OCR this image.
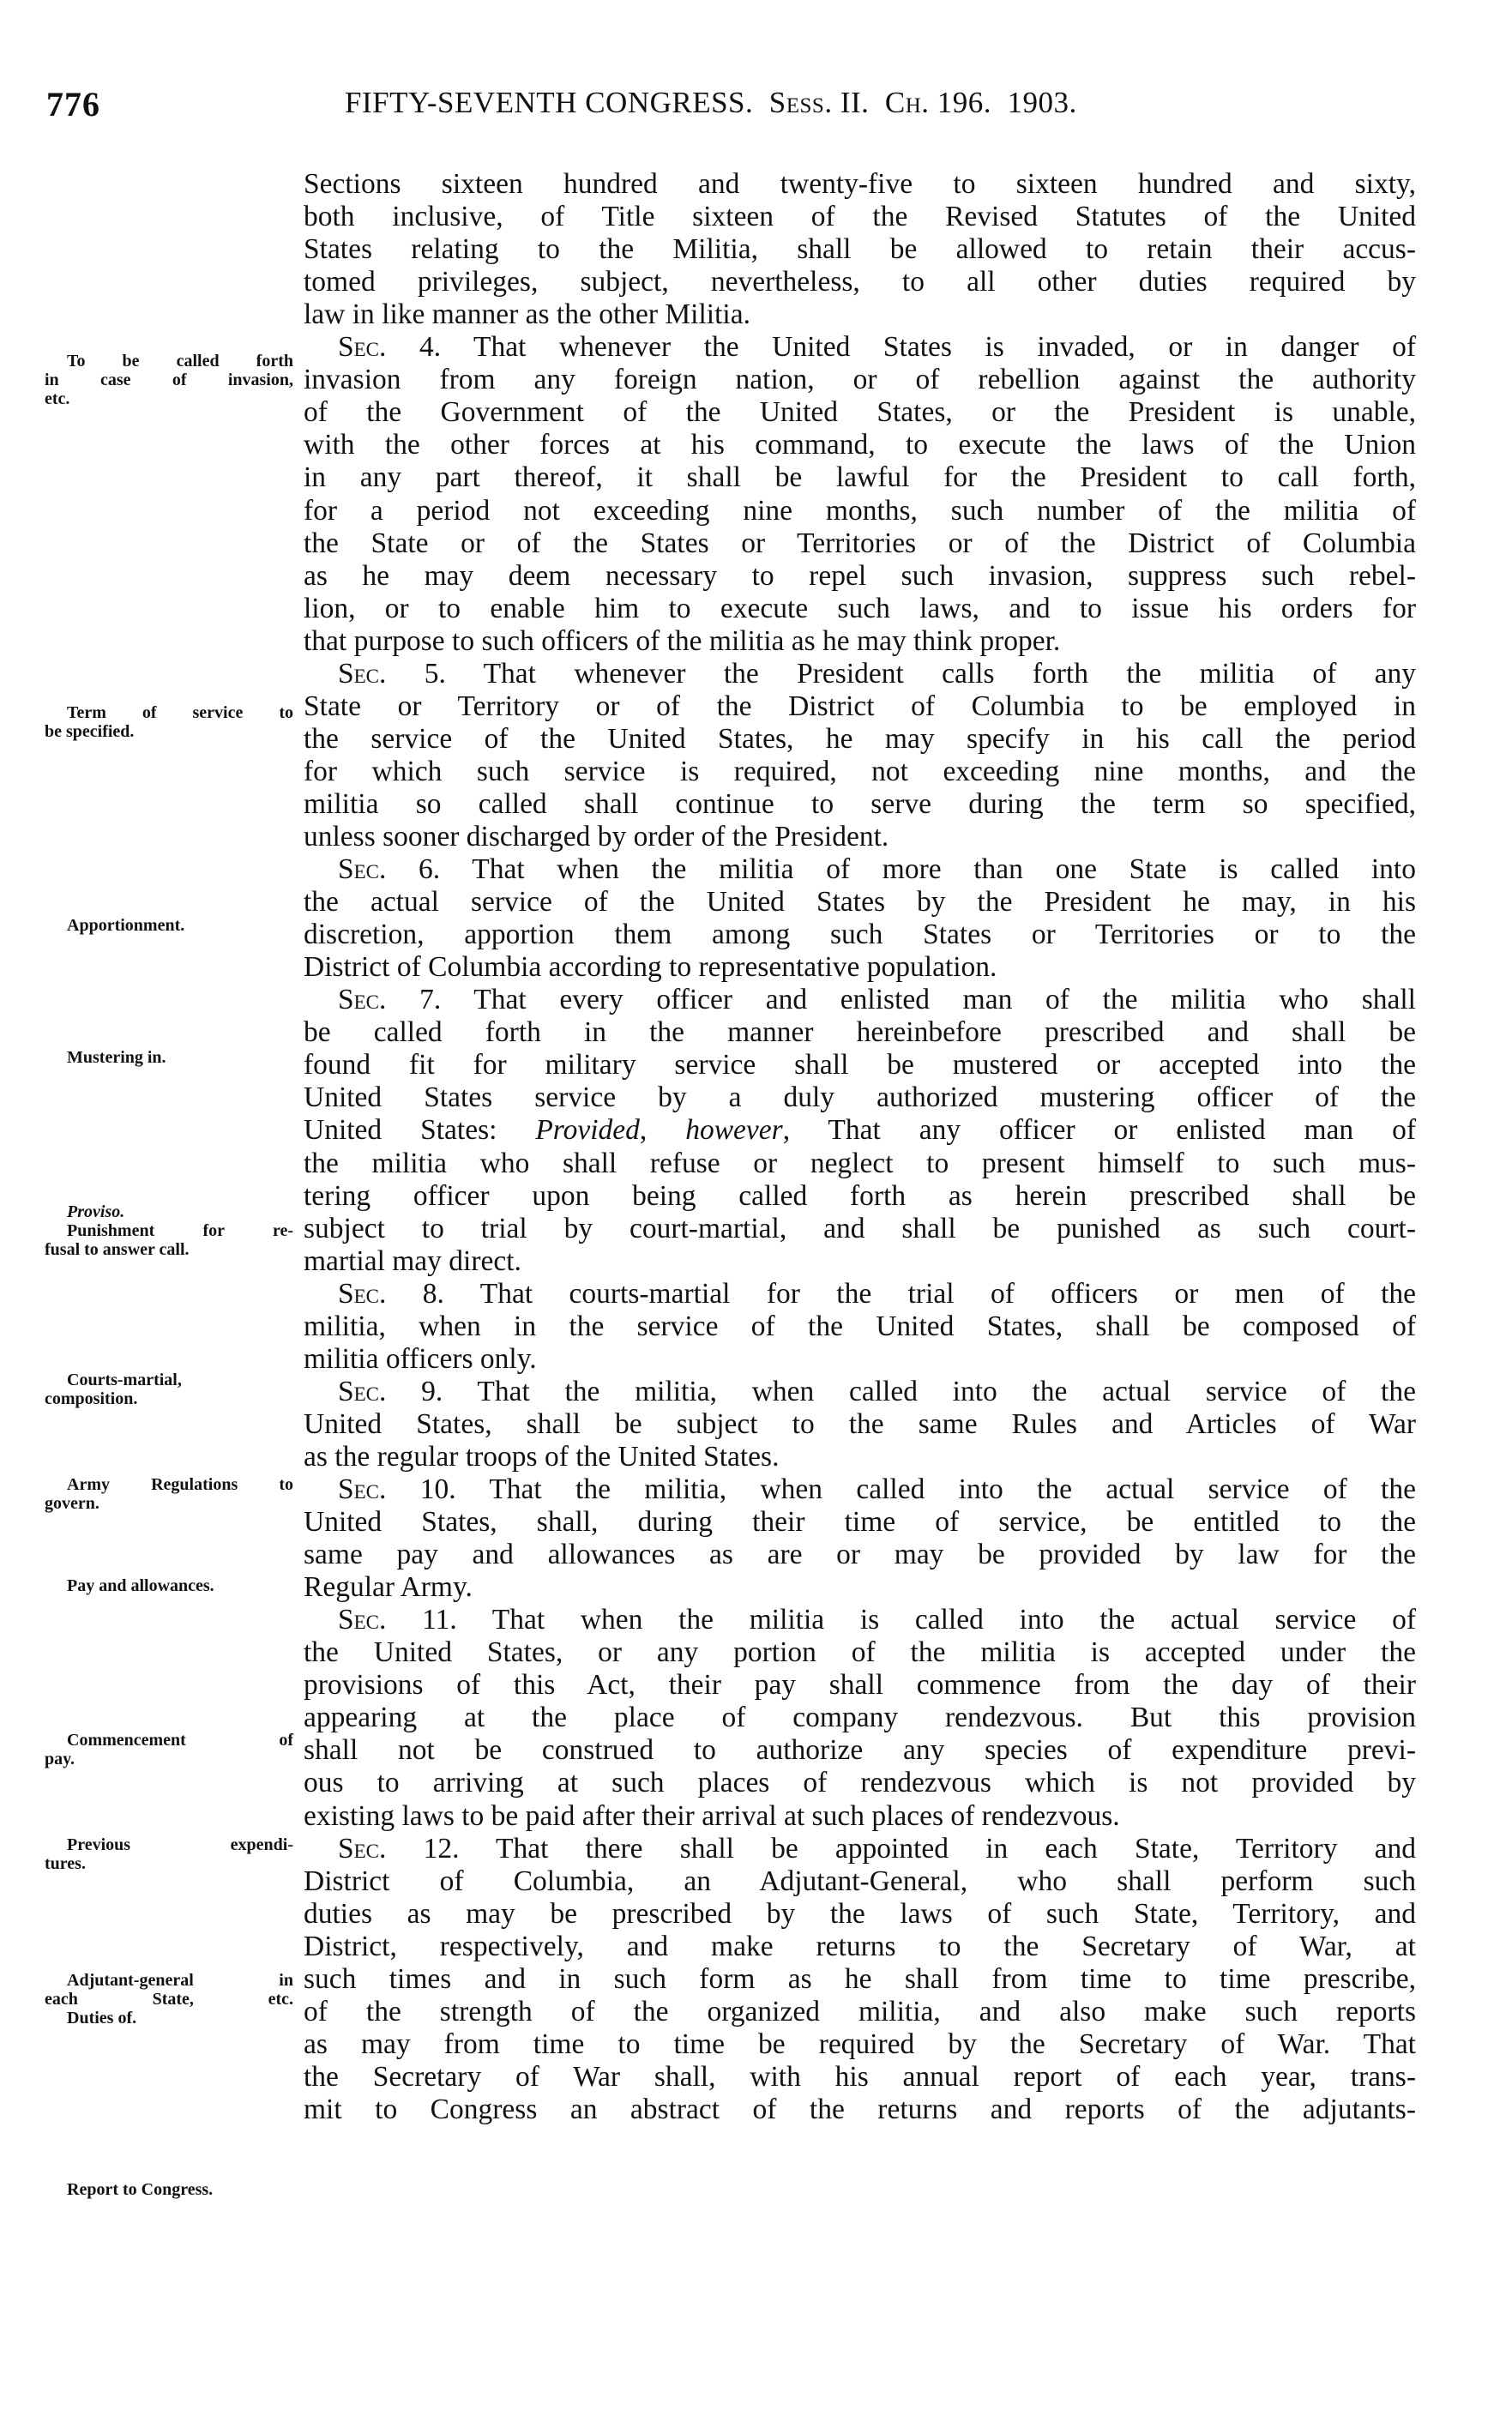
776	FIFTY-SEVENTH CONGRESS. Sess. II. Ch. 196. 1903.
To be called forth
in case of invasion,
etc.
Term of service to
be specified.
Apportionment.
Mustering in.
Proviso.
Punishment for re-
fusal to answer call.
Courts-martial,
composition.
Army Regulations to
govern.
Pay and allowances.
Commencement of
pay.
Previous expendi-
tures.
Adjutant-general in
each State, etc.
Duties of.
Report to Congress.
Sections sixteen hundred and twenty-five to sixteen hundred and sixty,
both inclusive, of Title sixteen of the Revised Statutes of the United
States relating to the Militia, shall be allowed to retain their accus-
tomed privileges, subject, nevertheless, to all other duties required by
law in like manner as the other Militia.
Sec. 4. That whenever the United States is invaded, or in danger of
invasion from any foreign nation, or of rebellion against the authority
of the Government of the United States, or the President is unable,
with the other forces at his command, to execute the laws of the Union
in any part thereof, it shall be lawful for the President to call forth,
for a period not exceeding nine months, such number of the militia of
the State or of the States or Territories or of the District of Columbia
as he may deem necessary to repel such invasion, suppress such rebel-
lion, or to enable him to execute such laws, and to issue his orders for
that purpose to such officers of the militia as he may think proper.
Sec. 5. That whenever the President calls forth the militia of any
State or Territory or of the District of Columbia to be employed in
the service of the United States, he may specify in his call the period
for which such service is required, not exceeding nine months, and the
militia so called shall continue to serve during the term so specified,
unless sooner discharged by order of the President.
Sec. 6. That when the militia of more than one State is called into
the actual service of the United States by the President he may, in his
discretion, apportion them among such States or Territories or to the
District of Columbia according to representative population.
Sec. 7. That every officer and enlisted man of the militia who shall
be called forth in the manner hereinbefore prescribed and shall be
found fit for military service shall be mustered or accepted into the
United States service by a duly authorized mustering officer of the
United States: Provided, however, That any officer or enlisted man of
the militia who shall refuse or neglect to present himself to such mus-
tering officer upon being called forth as herein prescribed shall be
subject to trial by court-martial, and shall be punished as such court-
martial may direct.
Sec. 8. That courts-martial for the trial of officers or men of the
militia, when in the service of the United States, shall be composed of
militia officers only.
Sec. 9. That the militia, when called into the actual service of the
United States, shall be subject to the same Rules and Articles of War
as the regular troops of the United States.
Sec. 10. That the militia, when called into the actual service of the
United States, shall, during their time of service, be entitled to the
same pay and allowances as are or may be provided by law for the
Regular Army.
Sec. 11. That when the militia is called into the actual service of
the United States, or any portion of the militia is accepted under the
provisions of this Act, their pay shall commence from the day of their
appearing at the place of company rendezvous. But this provision
shall not be construed to authorize any species of expenditure previ-
ous to arriving at such places of rendezvous which is not provided by
existing laws to be paid after their arrival at such places of rendezvous.
Sec. 12. That there shall be appointed in each State, Territory and
District of Columbia, an Adjutant-General, who shall perform such
duties as may be prescribed by the laws of such State, Territory, and
District, respectively, and make returns to the Secretary of War, at
such times and in such form as he shall from time to time prescribe,
of the strength of the organized militia, and also make such reports
as may from time to time be required by the Secretary of War. That
the Secretary of War shall, with his annual report of each year, trans-
mit to Congress an abstract of the returns and reports of the adjutants-
